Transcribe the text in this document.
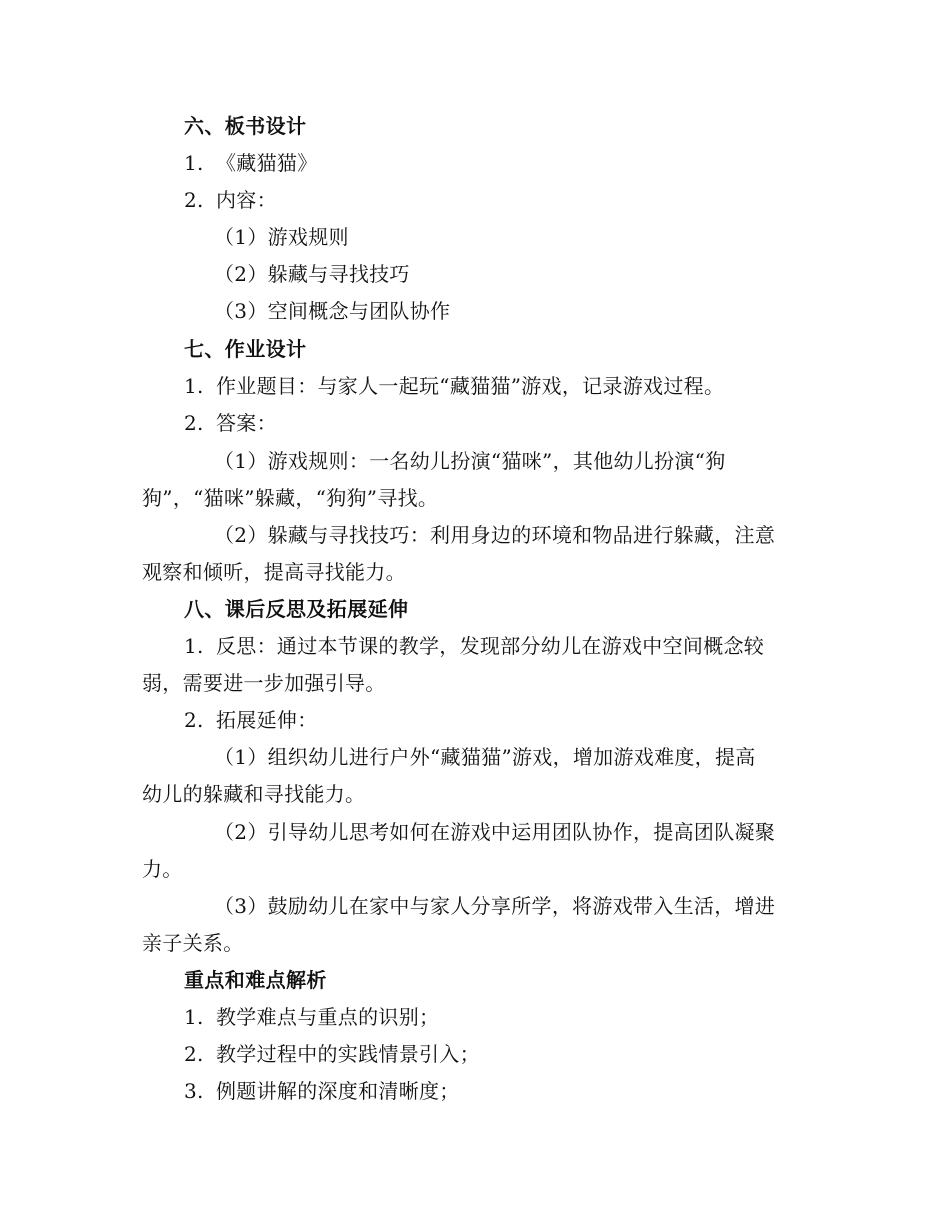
六、板书设计
1. 《藏猫猫》
2. 内容：
（1）游戏规则
（2）躲藏与寻找技巧
（3）空间概念与团队协作
七、作业设计
1. 作业题目：与家人一起玩“藏猫猫”游戏，记录游戏过程。
2. 答案：
（1）游戏规则：一名幼儿扮演“猫咪”，其他幼儿扮演“狗
狗”，“猫咪”躲藏，“狗狗”寻找。
（2）躲藏与寻找技巧：利用身边的环境和物品进行躲藏，注意
观察和倾听，提高寻找能力。
八、课后反思及拓展延伸
1. 反思：通过本节课的教学，发现部分幼儿在游戏中空间概念较
弱，需要进一步加强引导。
2. 拓展延伸：
（1）组织幼儿进行户外“藏猫猫”游戏，增加游戏难度，提高
幼儿的躲藏和寻找能力。
（2）引导幼儿思考如何在游戏中运用团队协作，提高团队凝聚
力。
（3）鼓励幼儿在家中与家人分享所学，将游戏带入生活，增进
亲子关系。
重点和难点解析
1. 教学难点与重点的识别；
2. 教学过程中的实践情景引入；
3. 例题讲解的深度和清晰度；
